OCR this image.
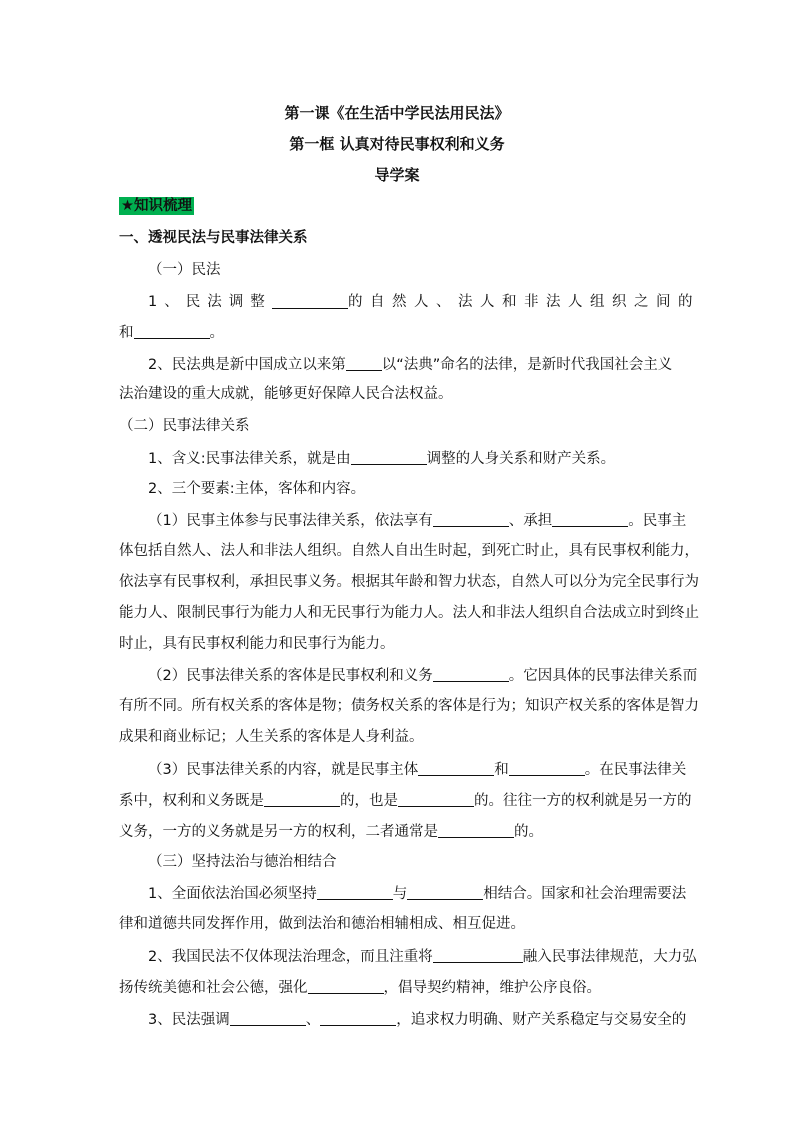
第一课《在生活中学民法用民法》
第一框 认真对待民事权利和义务
导学案
★知识梳理
一、透视民法与民事法律关系
（一）民法
1、民法调整	的自然人、法人和非法人组织之间的
和	。
2、民法典是新中国成立以来第 以“法典”命名的法律，是新时代我国社会主义
法治建设的重大成就，能够更好保障人民合法权益。
（二）民事法律关系
1、含义:民事法律关系，就是由	调整的人身关系和财产关系。
2、三个要素:主体，客体和内容。
（1）民事主体参与民事法律关系，依法享有	、承担	。民事主
体包括自然人、法人和非法人组织。自然人自出生时起，到死亡时止，具有民事权利能力，
依法享有民事权利，承担民事义务。根据其年龄和智力状态，自然人可以分为完全民事行为
能力人、限制民事行为能力人和无民事行为能力人。法人和非法人组织自合法成立时到终止
时止，具有民事权利能力和民事行为能力。
（2）民事法律关系的客体是民事权利和义务	。它因具体的民事法律关系而
有所不同。所有权关系的客体是物；债务权关系的客体是行为；知识产权关系的客体是智力
成果和商业标记；人生关系的客体是人身利益。
（3）民事法律关系的内容，就是民事主体	和	。在民事法律关
系中，权利和义务既是	的，也是	的。往往一方的权利就是另一方的
义务，一方的义务就是另一方的权利，二者通常是	的。
（三）坚持法治与德治相结合
1、全面依法治国必须坚持	与	相结合。国家和社会治理需要法
律和道德共同发挥作用，做到法治和德治相辅相成、相互促进。
2、我国民法不仅体现法治理念，而且注重将	融入民事法律规范，大力弘
扬传统美德和社会公德，强化	，倡导契约精神，维护公序良俗。
3、民法强调	、	，追求权力明确、财产关系稳定与交易安全的
